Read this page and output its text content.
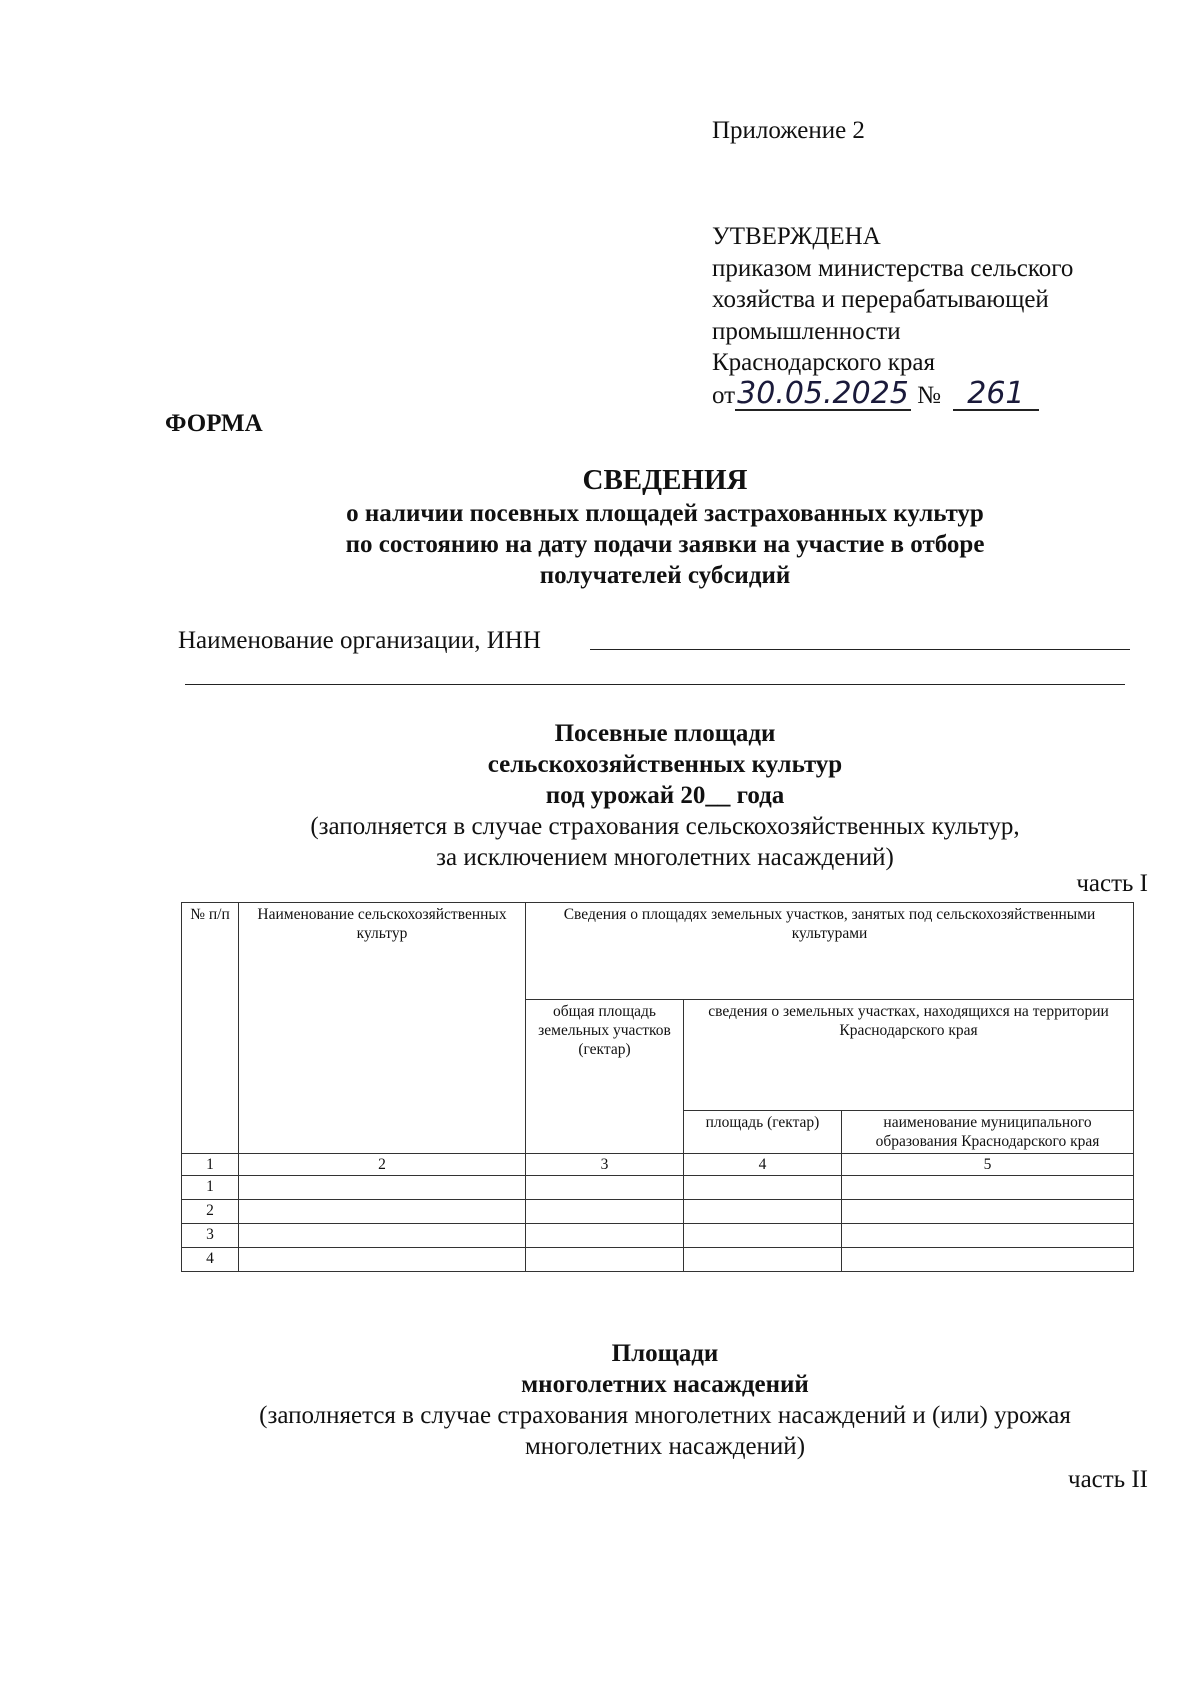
Приложение 2
УТВЕРЖДЕНА
приказом министерства сельского
хозяйства и перерабатывающей
промышленности
Краснодарского края
от30.05.2025 № 261
ФОРМА
СВЕДЕНИЯ
о наличии посевных площадей застрахованных культур
по состоянию на дату подачи заявки на участие в отборе
получателей субсидий
Наименование организации, ИНН
Посевные площади
сельскохозяйственных культур
под урожай 20__ года
(заполняется в случае страхования сельскохозяйственных культур,
за исключением многолетних насаждений)
часть I
№ п/п	Наименование сельскохозяйственных культур	Сведения о площадях земельных участков, занятых под сельскохозяйственными культурами		
		общая площадь земельных участков (гектар)	сведения о земельных участках, находящихся на территории Краснодарского края	
			площадь (гектар)	наименование муниципального образования Краснодарского края
1	2	3	4	5
1				
2				
3				
4				
Площади
многолетних насаждений
(заполняется в случае страхования многолетних насаждений и (или) урожая
многолетних насаждений)
часть II
